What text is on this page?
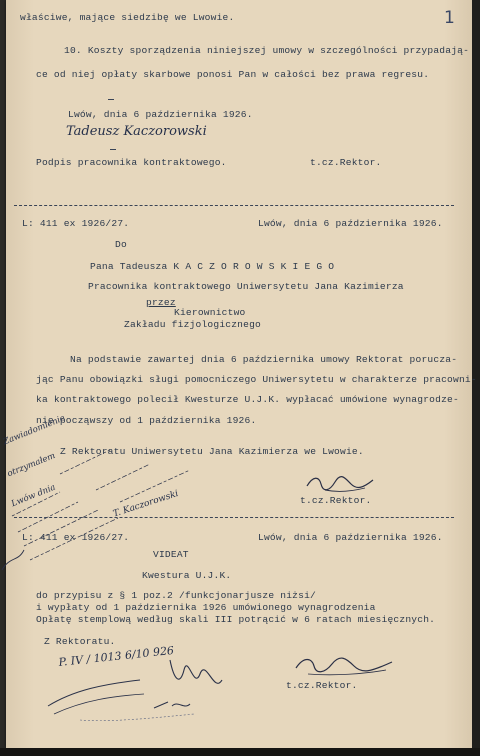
1
właściwe, mające siedzibę we Lwowie.
10. Koszty sporządzenia niniejszej umowy w szczególności przypadają-
ce od niej opłaty skarbowe ponosi Pan w całości bez prawa regresu.
Lwów, dnia 6 października 1926.
Tadeusz Kaczorowski
Podpis pracownika kontraktowego.	t.cz.Rektor.
L: 411 ex 1926/27.	Lwów, dnia 6 października 1926.
Do
Pana Tadeusza K A C Z O R O W S K I E G O
Pracownika kontraktowego Uniwersytetu Jana Kazimierza
przez
Kierownictwo
Zakładu fizjologicznego
Na podstawie zawartej dnia 6 października umowy Rektorat porucza-
jąc Panu obowiązki sługi pomocniczego Uniwersytetu w charakterze pracowni-
ka kontraktowego polecił Kwesturze U.J.K. wypłacać umówione wynagrodze-
nie począwszy od 1 października 1926.
Z Rektoratu Uniwersytetu Jana Kazimierza we Lwowie.
t.cz.Rektor.
Zawiadomienie
otrzymałem
Lwów dnia	T. Kaczorowski
L: 411 ex 1926/27.	Lwów, dnia 6 października 1926.
VIDEAT
Kwestura U.J.K.
do przypisu z § 1 poz.2 /funkcjonarjusze niżsi/
i wypłaty od 1 października 1926 umówionego wynagrodzenia
Opłatę stemplową według skali III potrącić w 6 ratach miesięcznych.
Z Rektoratu.
t.cz.Rektor.
P. IV / 1013 6/10 926
